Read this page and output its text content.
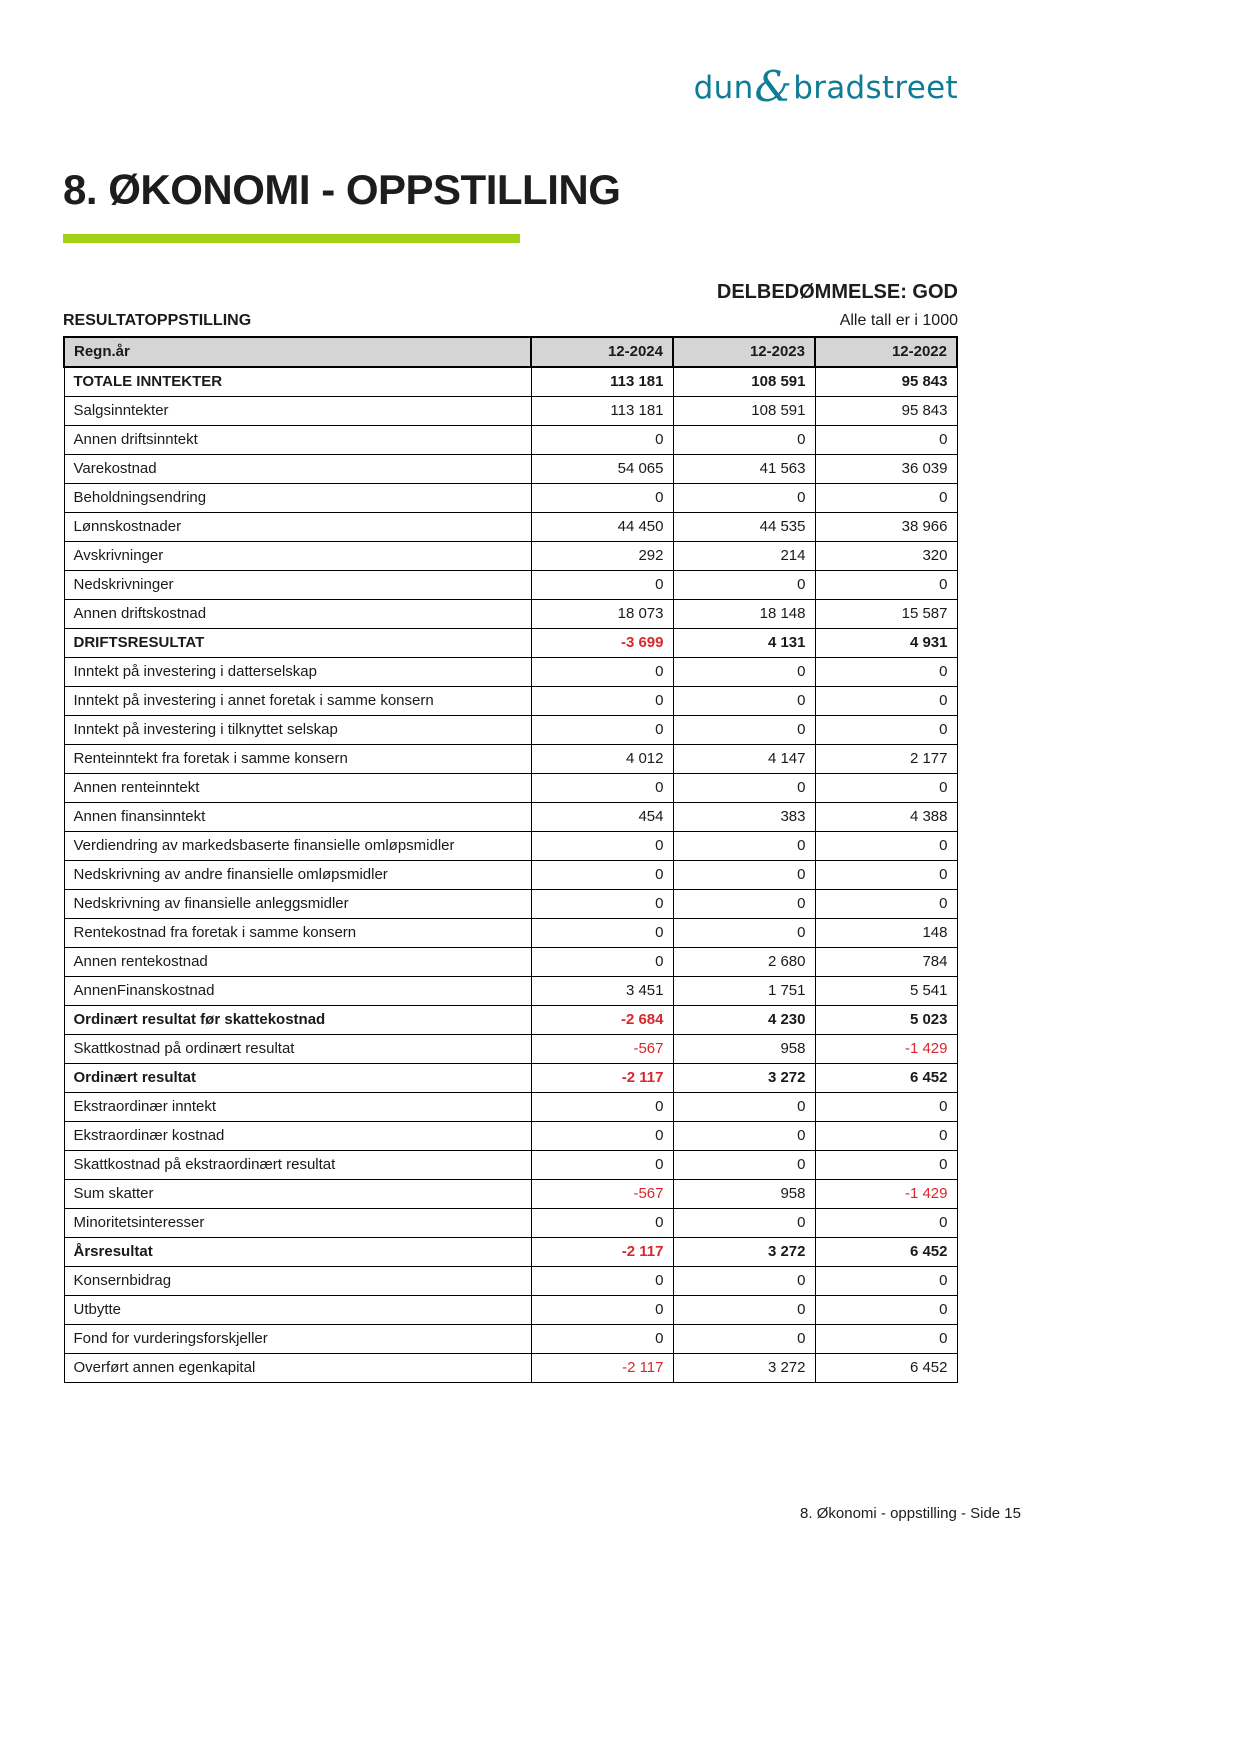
dun & bradstreet
8. ØKONOMI - OPPSTILLING
DELBEDØMMELSE: GOD
RESULTATOPPSTILLING	Alle tall er i 1000
Regn.år	12-2024	12-2023	12-2022
TOTALE INNTEKTER	113 181	108 591	95 843
Salgsinntekter	113 181	108 591	95 843
Annen driftsinntekt	0	0	0
Varekostnad	54 065	41 563	36 039
Beholdningsendring	0	0	0
Lønnskostnader	44 450	44 535	38 966
Avskrivninger	292	214	320
Nedskrivninger	0	0	0
Annen driftskostnad	18 073	18 148	15 587
DRIFTSRESULTAT	-3 699	4 131	4 931
Inntekt på investering i datterselskap	0	0	0
Inntekt på investering i annet foretak i samme konsern	0	0	0
Inntekt på investering i tilknyttet selskap	0	0	0
Renteinntekt fra foretak i samme konsern	4 012	4 147	2 177
Annen renteinntekt	0	0	0
Annen finansinntekt	454	383	4 388
Verdiendring av markedsbaserte finansielle omløpsmidler	0	0	0
Nedskrivning av andre finansielle omløpsmidler	0	0	0
Nedskrivning av finansielle anleggsmidler	0	0	0
Rentekostnad fra foretak i samme konsern	0	0	148
Annen rentekostnad	0	2 680	784
AnnenFinanskostnad	3 451	1 751	5 541
Ordinært resultat før skattekostnad	-2 684	4 230	5 023
Skattkostnad på ordinært resultat	-567	958	-1 429
Ordinært resultat	-2 117	3 272	6 452
Ekstraordinær inntekt	0	0	0
Ekstraordinær kostnad	0	0	0
Skattkostnad på ekstraordinært resultat	0	0	0
Sum skatter	-567	958	-1 429
Minoritetsinteresser	0	0	0
Årsresultat	-2 117	3 272	6 452
Konsernbidrag	0	0	0
Utbytte	0	0	0
Fond for vurderingsforskjeller	0	0	0
Overført annen egenkapital	-2 117	3 272	6 452
8. Økonomi - oppstilling - Side 15
